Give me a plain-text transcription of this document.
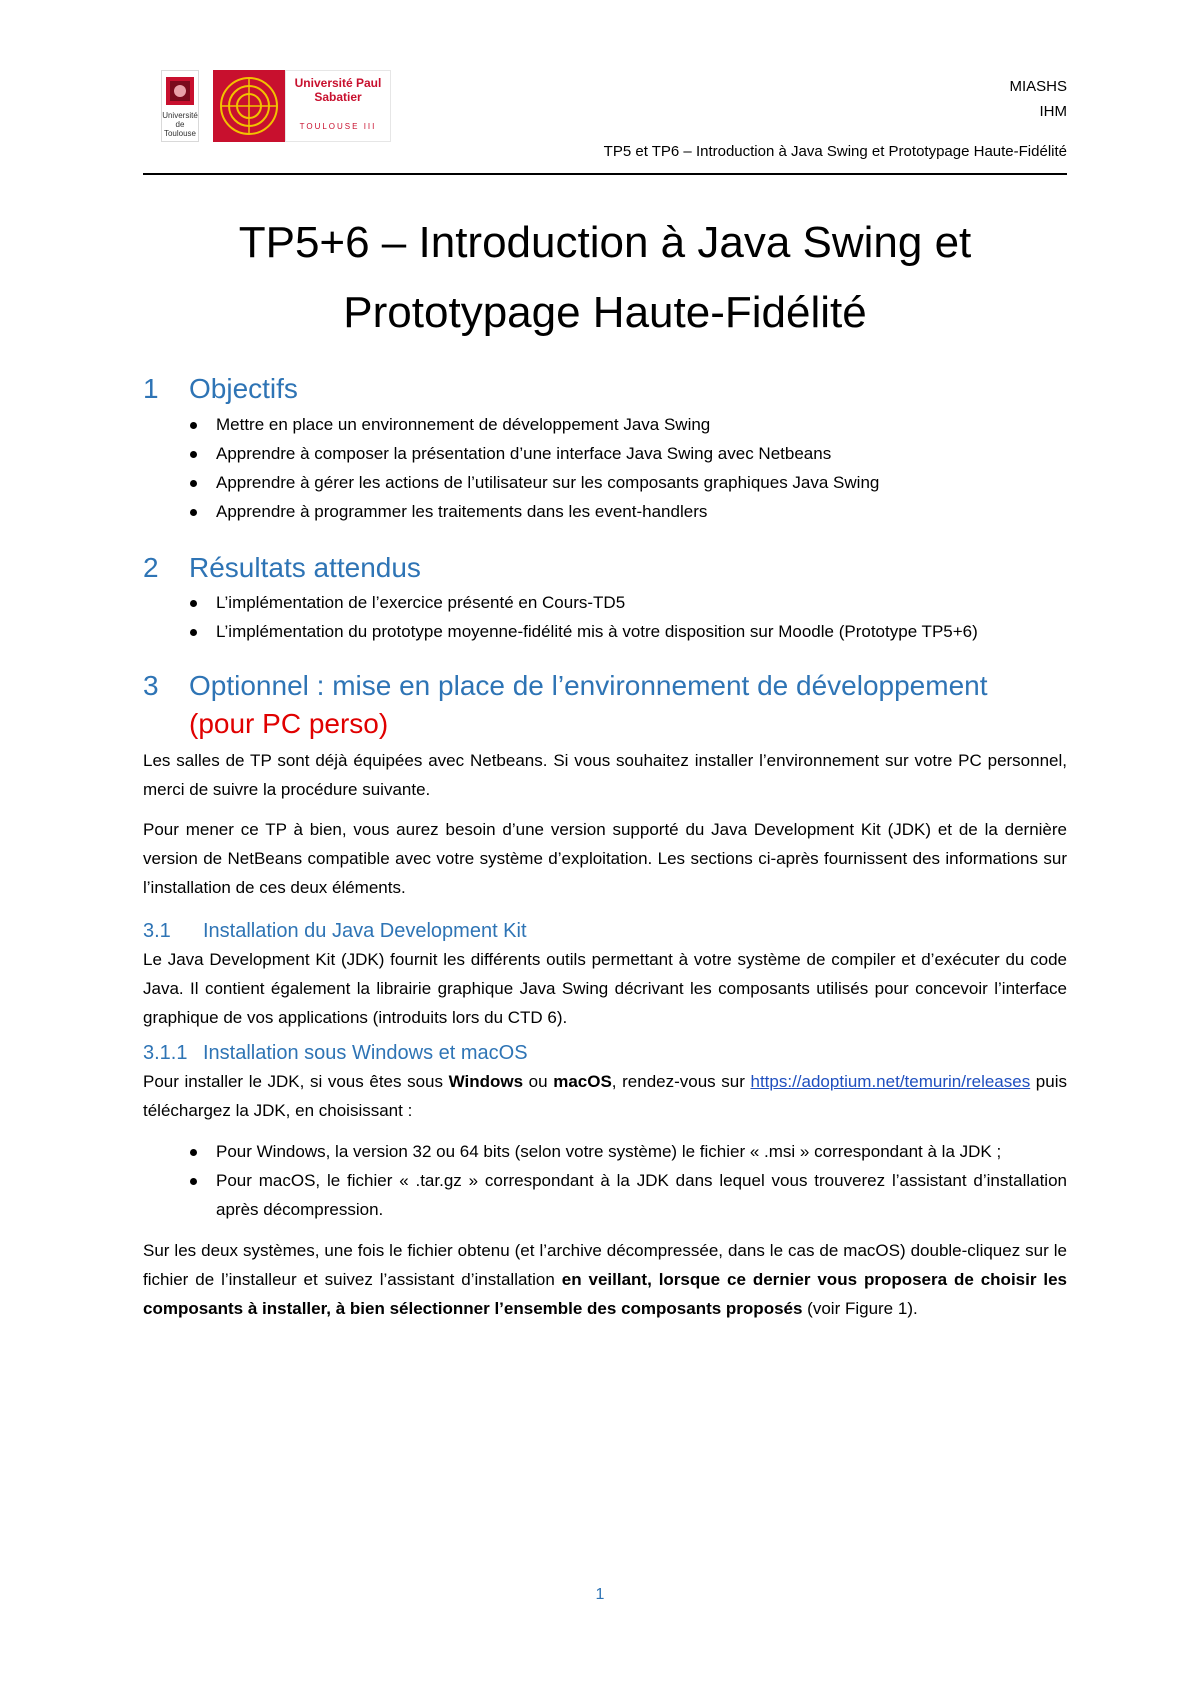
Université de Toulouse
Université Paul Sabatier
TOULOUSE III
MIASHS
IHM
TP5 et TP6 – Introduction à Java Swing et Prototypage Haute-Fidélité
TP5+6 – Introduction à Java Swing et
Prototypage Haute-Fidélité
1	Objectifs
Mettre en place un environnement de développement Java Swing
Apprendre à composer la présentation d’une interface Java Swing avec Netbeans
Apprendre à gérer les actions de l’utilisateur sur les composants graphiques Java Swing
Apprendre à programmer les traitements dans les event-handlers
2	Résultats attendus
L’implémentation de l’exercice présenté en Cours-TD5
L’implémentation du prototype moyenne-fidélité mis à votre disposition sur Moodle (Prototype TP5+6)
3	Optionnel : mise en place de l’environnement de développement
(pour PC perso)

Les salles de TP sont déjà équipées avec Netbeans. Si vous souhaitez installer l’environnement sur votre PC personnel, merci de suivre la procédure suivante.

Pour mener ce TP à bien, vous aurez besoin d’une version supporté du Java Development Kit (JDK) et de la dernière version de NetBeans compatible avec votre système d’exploitation. Les sections ci-après fournissent des informations sur l’installation de ces deux éléments.

3.1	Installation du Java Development Kit

Le Java Development Kit (JDK) fournit les différents outils permettant à votre système de compiler et d’exécuter du code Java. Il contient également la librairie graphique Java Swing décrivant les composants utilisés pour concevoir l’interface graphique de vos applications (introduits lors du CTD 6).

3.1.1 Installation sous Windows et macOS

Pour installer le JDK, si vous êtes sous Windows ou macOS, rendez-vous sur https://adoptium.net/temurin/releases puis téléchargez la JDK, en choisissant :

Pour Windows, la version 32 ou 64 bits (selon votre système) le fichier « .msi » correspondant à la JDK ;
Pour macOS, le fichier « .tar.gz » correspondant à la JDK dans lequel vous trouverez l’assistant d’installation après décompression.

Sur les deux systèmes, une fois le fichier obtenu (et l’archive décompressée, dans le cas de macOS) double-cliquez sur le fichier de l’installeur et suivez l’assistant d’installation en veillant, lorsque ce dernier vous proposera de choisir les composants à installer, à bien sélectionner l’ensemble des composants proposés (voir Figure 1).

1
